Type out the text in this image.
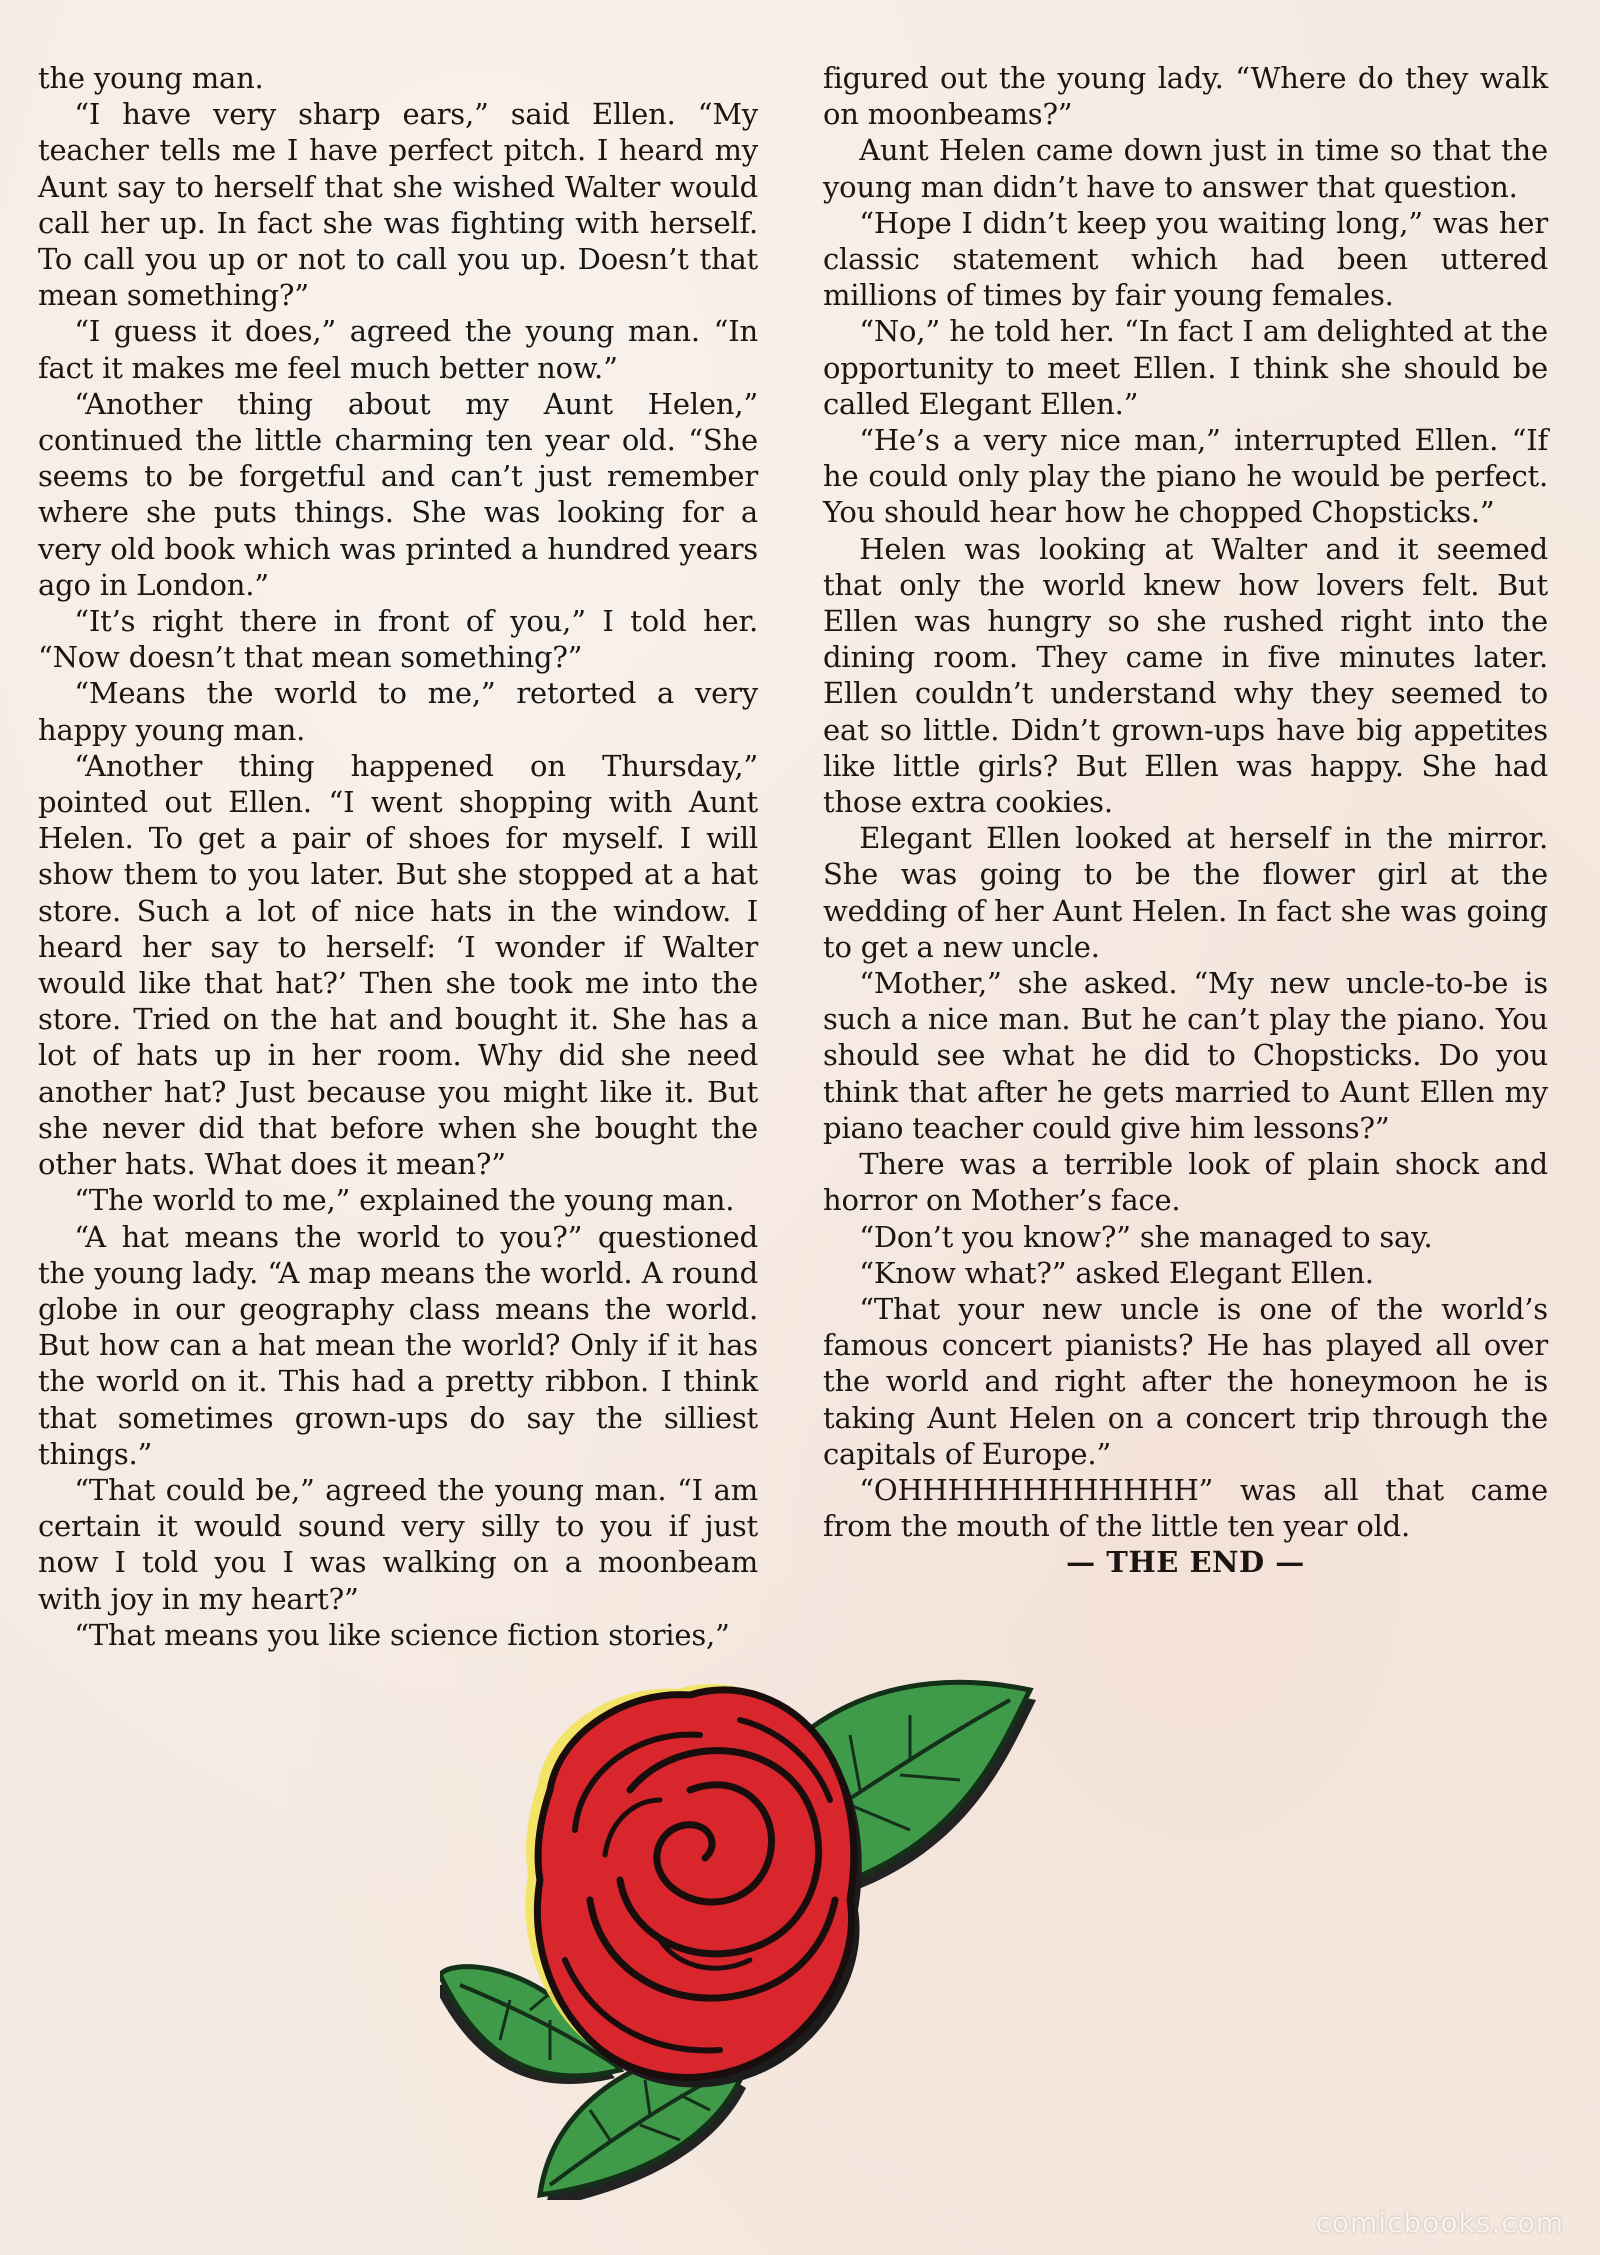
the young man.

“I have very sharp ears,” said Ellen. “My teacher tells me I have perfect pitch. I heard my Aunt say to herself that she wished Walter would call her up. In fact she was fighting with herself. To call you up or not to call you up. Doesn’t that mean something?”

“I guess it does,” agreed the young man. “In fact it makes me feel much better now.”

“Another thing about my Aunt Helen,” continued the little charming ten year old. “She seems to be forgetful and can’t just remember where she puts things. She was looking for a very old book which was printed a hundred years ago in London.”

“It’s right there in front of you,” I told her. “Now doesn’t that mean something?”

“Means the world to me,” retorted a very happy young man.

“Another thing happened on Thursday,” pointed out Ellen. “I went shopping with Aunt Helen. To get a pair of shoes for myself. I will show them to you later. But she stopped at a hat store. Such a lot of nice hats in the window. I heard her say to herself: ‘I wonder if Walter would like that hat?’ Then she took me into the store. Tried on the hat and bought it. She has a lot of hats up in her room. Why did she need another hat? Just because you might like it. But she never did that before when she bought the other hats. What does it mean?”

“The world to me,” explained the young man.

“A hat means the world to you?” questioned the young lady. “A map means the world. A round globe in our geography class means the world. But how can a hat mean the world? Only if it has the world on it. This had a pretty ribbon. I think that sometimes grown-ups do say the silliest things.”

“That could be,” agreed the young man. “I am certain it would sound very silly to you if just now I told you I was walking on a moonbeam with joy in my heart?”

“That means you like science fiction stories,”

figured out the young lady. “Where do they walk on moonbeams?”

Aunt Helen came down just in time so that the young man didn’t have to answer that question.

“Hope I didn’t keep you waiting long,” was her classic statement which had been uttered millions of times by fair young females.

“No,” he told her. “In fact I am delighted at the opportunity to meet Ellen. I think she should be called Elegant Ellen.”

“He’s a very nice man,” interrupted Ellen. “If he could only play the piano he would be perfect. You should hear how he chopped Chopsticks.”

Helen was looking at Walter and it seemed that only the world knew how lovers felt. But Ellen was hungry so she rushed right into the dining room. They came in five minutes later. Ellen couldn’t understand why they seemed to eat so little. Didn’t grown-ups have big appetites like little girls? But Ellen was happy. She had those extra cookies.

Elegant Ellen looked at herself in the mirror. She was going to be the flower girl at the wedding of her Aunt Helen. In fact she was going to get a new uncle.

“Mother,” she asked. “My new uncle-to-be is such a nice man. But he can’t play the piano. You should see what he did to Chopsticks. Do you think that after he gets married to Aunt Ellen my piano teacher could give him lessons?”

There was a terrible look of plain shock and horror on Mother’s face.

“Don’t you know?” she managed to say.

“Know what?” asked Elegant Ellen.

“That your new uncle is one of the world’s famous concert pianists? He has played all over the world and right after the honeymoon he is taking Aunt Helen on a concert trip through the capitals of Europe.”

“OHHHHHHHHHHHH” was all that came from the mouth of the little ten year old.

— THE END —

comicbooks.com
